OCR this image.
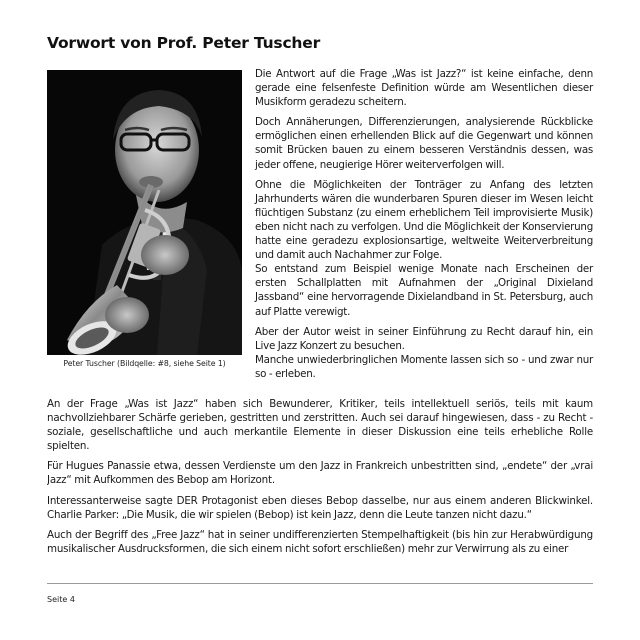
Vorwort von Prof. Peter Tuscher
Peter Tuscher (Bildqelle: #8, siehe Seite 1)

Die Antwort auf die Frage „Was ist Jazz?“ ist keine einfache, denn gerade eine felsenfeste Definition würde am Wesentlichen dieser Musikform geradezu scheitern.

Doch Annäherungen, Differenzierungen, analysierende Rückblicke ermöglichen einen erhellenden Blick auf die Gegenwart und können somit Brücken bauen zu einem besseren Verständnis dessen, was jeder offene, neugierige Hörer weiterverfolgen will.

Ohne die Möglichkeiten der Tonträger zu Anfang des letzten Jahrhunderts wären die wunderbaren Spuren dieser im Wesen leicht flüchtigen Substanz (zu einem erheblichem Teil improvisierte Musik) eben nicht nach zu verfolgen. Und die Möglichkeit der Konservierung hatte eine geradezu explosionsartige, weltweite Weiterverbreitung und damit auch Nachahmer zur Folge.

So entstand zum Beispiel wenige Monate nach Erscheinen der ersten Schallplatten mit Aufnahmen der „Original Dixieland Jassband“ eine hervorragende Dixielandband in St. Petersburg, auch auf Platte verewigt.

Aber der Autor weist in seiner Einführung zu Recht darauf hin, ein Live Jazz Konzert zu besuchen.

Manche unwiederbringlichen Momente lassen sich so - und zwar nur so - erleben.

An der Frage „Was ist Jazz“ haben sich Bewunderer, Kritiker, teils intellektuell seriös, teils mit kaum nachvollziehbarer Schärfe gerieben, gestritten und zerstritten. Auch sei darauf hingewiesen, dass - zu Recht - soziale, gesellschaftliche und auch merkantile Elemente in dieser Diskussion eine teils erhebliche Rolle spielten.

Für Hugues Panassie etwa, dessen Verdienste um den Jazz in Frankreich unbestritten sind, „endete“ der „vrai Jazz“ mit Aufkommen des Bebop am Horizont.

Interessanterweise sagte DER Protagonist eben dieses Bebop dasselbe, nur aus einem anderen Blickwinkel. Charlie Parker: „Die Musik, die wir spielen (Bebop) ist kein Jazz, denn die Leute tanzen nicht dazu.“

Auch der Begriff des „Free Jazz“ hat in seiner undifferenzierten Stempelhaftigkeit (bis hin zur Herabwürdigung musikalischer Ausdrucksformen, die sich einem nicht sofort erschließen) mehr zur Verwirrung als zu einer

Seite 4
